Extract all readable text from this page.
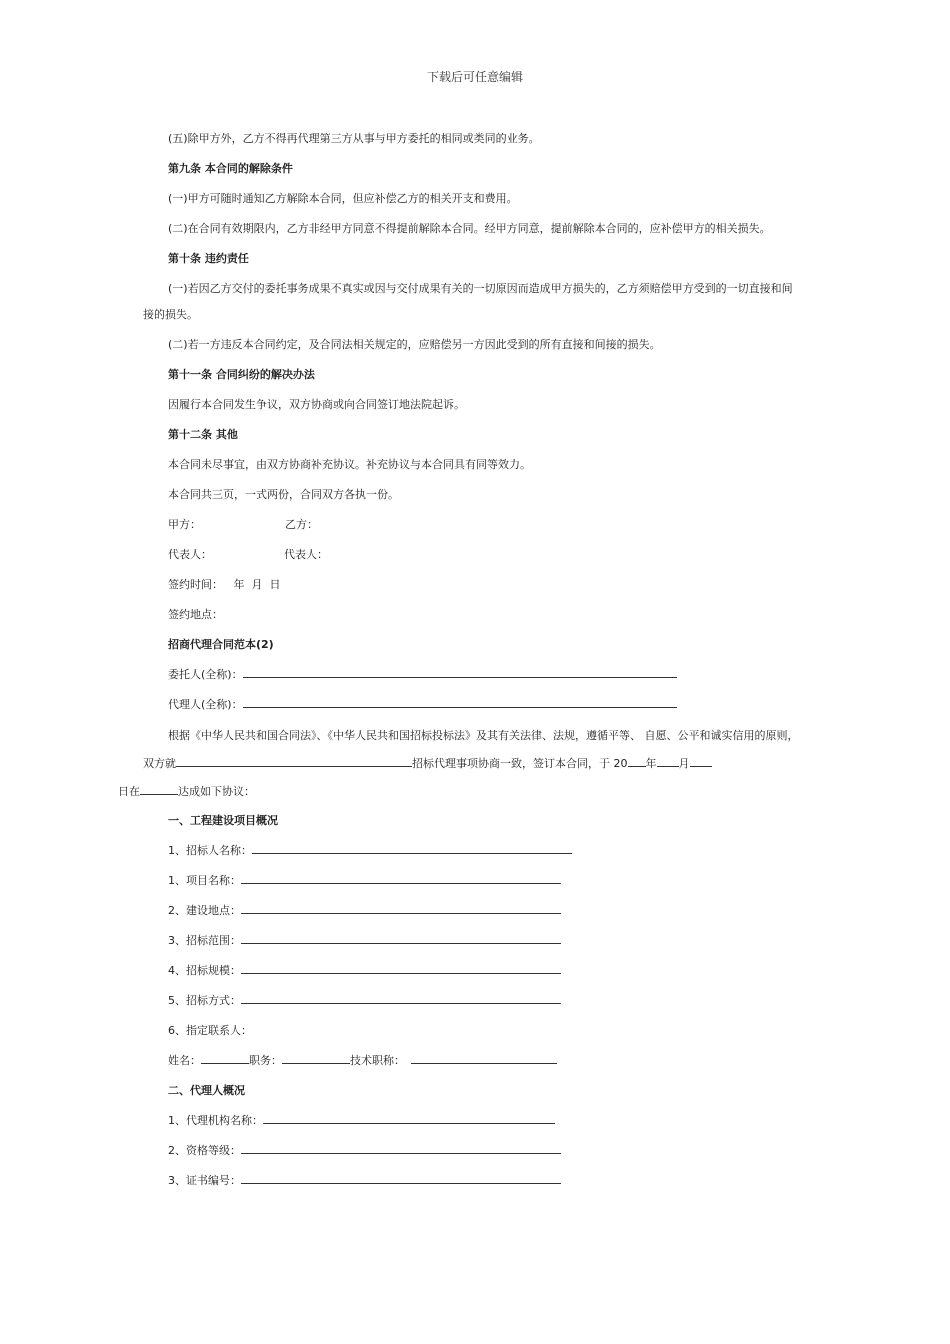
下载后可任意编辑

(五)除甲方外，乙方不得再代理第三方从事与甲方委托的相同或类同的业务。

第九条 本合同的解除条件

(一)甲方可随时通知乙方解除本合同，但应补偿乙方的相关开支和费用。

(二)在合同有效期限内，乙方非经甲方同意不得提前解除本合同。经甲方同意，提前解除本合同的，应补偿甲方的相关损失。

第十条 违约责任

(一)若因乙方交付的委托事务成果不真实或因与交付成果有关的一切原因而造成甲方损失的，乙方须赔偿甲方受到的一切直接和间接的损失。

(二)若一方违反本合同约定，及合同法相关规定的，应赔偿另一方因此受到的所有直接和间接的损失。

第十一条 合同纠纷的解决办法

因履行本合同发生争议，双方协商或向合同签订地法院起诉。

第十二条 其他

本合同未尽事宜，由双方协商补充协议。补充协议与本合同具有同等效力。

本合同共三页，一式两份，合同双方各执一份。

甲方：	乙方：

代表人：	代表人：

签约时间：   年  月  日

签约地点：

招商代理合同范本(2)

委托人(全称)：

代理人(全称)：

根据《中华人民共和国合同法》、《中华人民共和国招标投标法》及其有关法律、法规，遵循平等、 自愿、公平和诚实信用的原则，双方就	招标代理事项协商一致，签订本合同，于 20 年 月
日在	达成如下协议：

一、工程建设项目概况

1、招标人名称：

1、项目名称：

2、建设地点：

3、招标范围：

4、招标规模：

5、招标方式：

6、指定联系人：

姓名：	职务：	技术职称：

二、代理人概况

1、代理机构名称：

2、资格等级：

3、证书编号：
